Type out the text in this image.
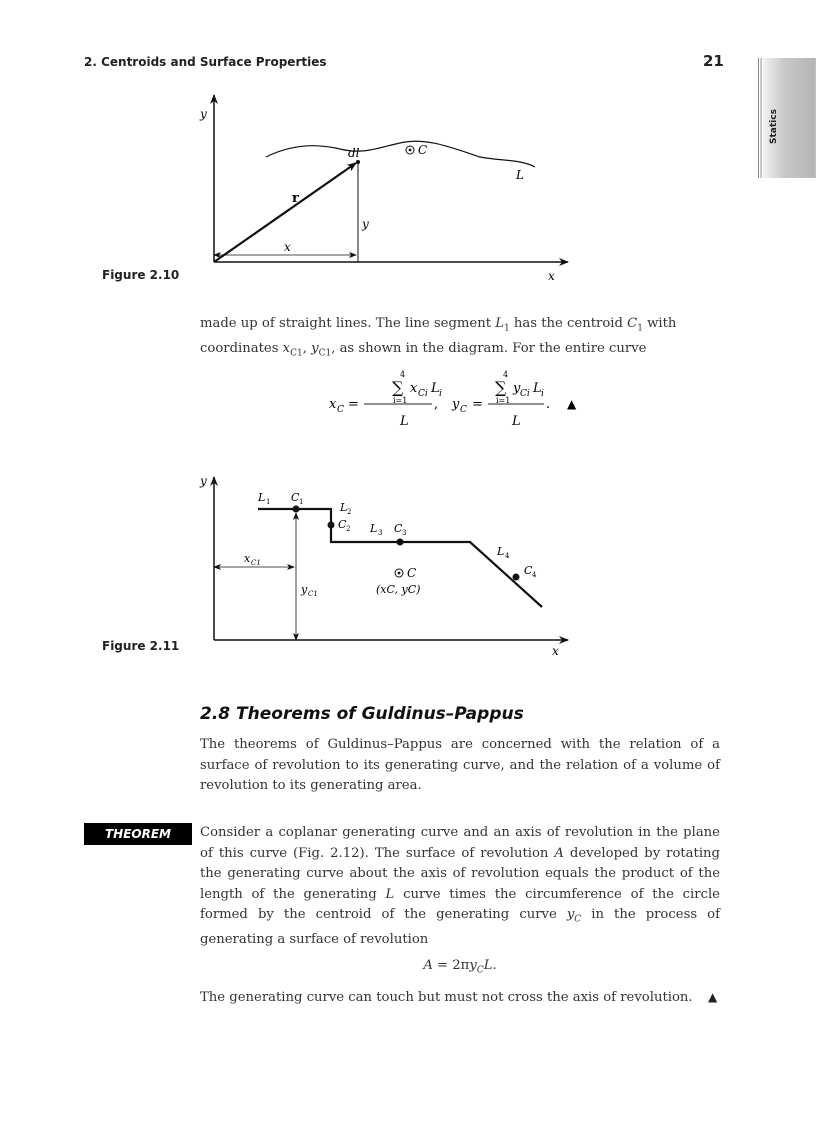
2. Centroids and Surface Properties	21
Statics
y
x
dl	C
L
r
y
x
Figure 2.10
made up of straight lines. The line segment $L_1$ has the centroid $C_1$ with
coordinates $x_{C1}$, $y_{C1}$, as shown in the diagram. For the entire curve
x C =
4
∑
i=1
x Ci L i
L
, y C =
4
∑
i=1
y Ci L i
L
. ▲
y
x
L 1 C 1	L 2
C 2 L 3 C 3
L 4
C 4
x C1
y C1
C
(xC, yC)
Figure 2.11
2.8 Theorems of Guldinus–Pappus
The theorems of Guldinus–Pappus are concerned with the relation of a surface of revolution to its generating curve, and the relation of a volume of revolution to its generating area.
THEOREM	Consider a coplanar generating curve and an axis of revolution in the plane of this curve (Fig. 2.12). The surface of revolution A developed by rotating the generating curve about the axis of revolution equals the product of the length of the generating L curve times the circumference of the circle formed by the centroid of the generating curve $y_C$ in the process of generating a surface of revolution
$A = 2\pi y_CL$.
The generating curve can touch but must not cross the axis of revolution.	▲
